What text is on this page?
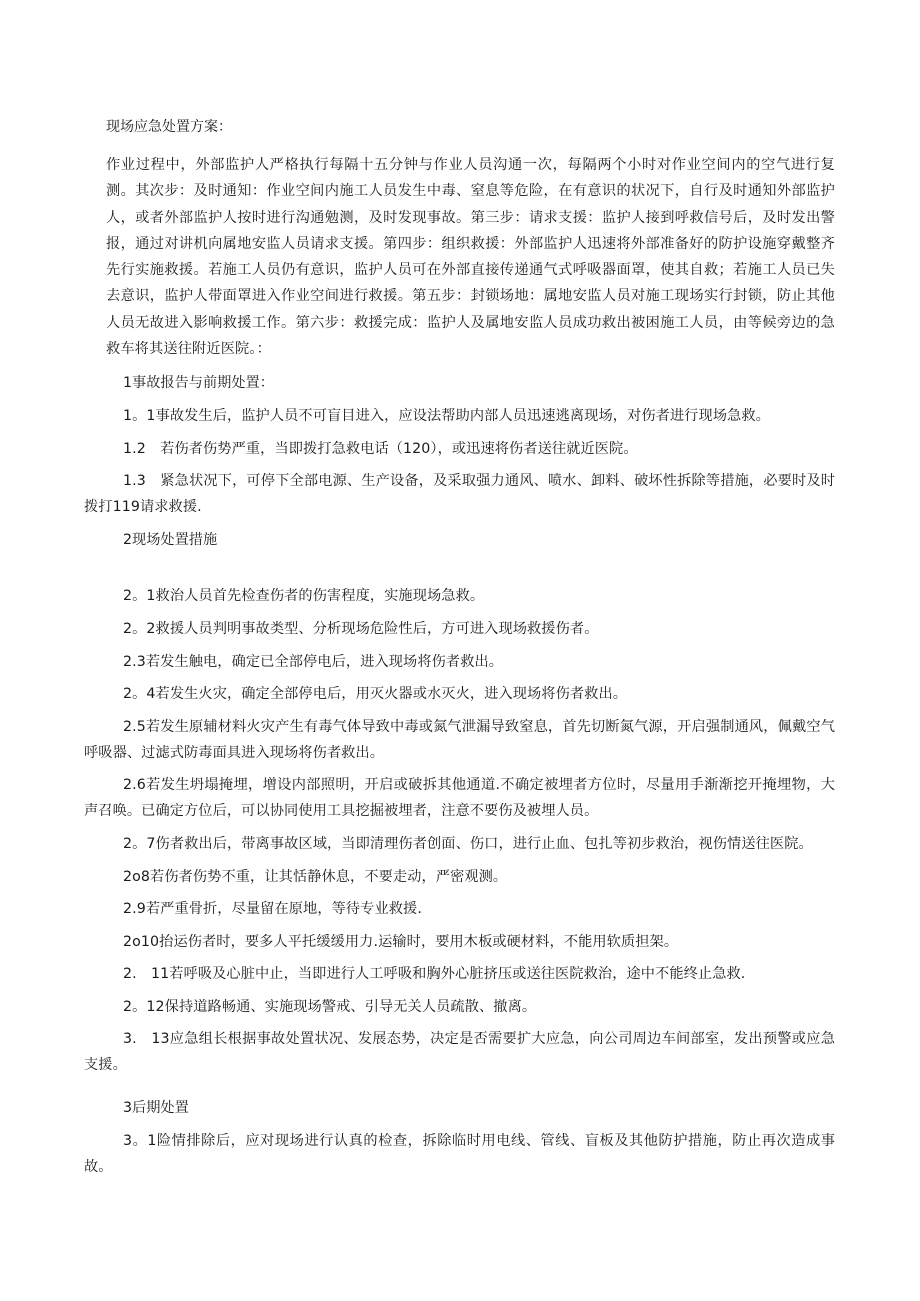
现场应急处置方案：
作业过程中，外部监护人严格执行每隔十五分钟与作业人员沟通一次，每隔两个小时对作业空间内的空气进行复测。其次步：及时通知：作业空间内施工人员发生中毒、窒息等危险，在有意识的状况下，自行及时通知外部监护人，或者外部监护人按时进行沟通勉测，及时发现事故。第三步：请求支援：监护人接到呼救信号后，及时发出警报，通过对讲机向属地安监人员请求支援。第四步：组织救援：外部监护人迅速将外部准备好的防护设施穿戴整齐先行实施救援。若施工人员仍有意识，监护人员可在外部直接传递通气式呼吸器面罩，使其自救；若施工人员已失去意识，监护人带面罩进入作业空间进行救援。第五步：封锁场地：属地安监人员对施工现场实行封锁，防止其他人员无故进入影响救援工作。第六步：救援完成：监护人及属地安监人员成功救出被困施工人员，由等候旁边的急救车将其送往附近医院。：
1事故报告与前期处置：
1。1事故发生后，监护人员不可盲目进入，应设法帮助内部人员迅速逃离现场，对伤者进行现场急救。
1.2　若伤者伤势严重，当即拨打急救电话（120），或迅速将伤者送往就近医院。
1.3　紧急状况下，可停下全部电源、生产设备，及采取强力通风、喷水、卸料、破坏性拆除等措施，必要时及时拨打119请求救援.
2现场处置措施
2。1救治人员首先检查伤者的伤害程度，实施现场急救。
2。2救援人员判明事故类型、分析现场危险性后，方可进入现场救援伤者。
2.3若发生触电，确定已全部停电后，进入现场将伤者救出。
2。4若发生火灾，确定全部停电后，用灭火器或水灭火，进入现场将伤者救出。
2.5若发生原辅材料火灾产生有毒气体导致中毒或氮气泄漏导致窒息，首先切断氮气源，开启强制通风，佩戴空气呼吸器、过滤式防毒面具进入现场将伤者救出。
2.6若发生坍塌掩埋，增设内部照明，开启或破拆其他通道.不确定被埋者方位时，尽量用手渐渐挖开掩埋物，大声召唤。已确定方位后，可以协同使用工具挖掘被埋者，注意不要伤及被埋人员。
2。7伤者救出后，带离事故区域，当即清理伤者创面、伤口，进行止血、包扎等初步救治，视伤情送往医院。
2o8若伤者伤势不重，让其恬静休息，不要走动，严密观测。
2.9若严重骨折，尽量留在原地，等待专业救援.
2o10抬运伤者时，要多人平托缓缓用力.运输时，要用木板或硬材料，不能用软质担架。
2.　11若呼吸及心脏中止，当即进行人工呼吸和胸外心脏挤压或送往医院救治，途中不能终止急救.
2。12保持道路畅通、实施现场警戒、引导无关人员疏散、撤离。
3.　13应急组长根据事故处置状况、发展态势，决定是否需要扩大应急，向公司周边车间部室，发出预警或应急支援。
3后期处置
3。1险情排除后，应对现场进行认真的检查，拆除临时用电线、管线、盲板及其他防护措施，防止再次造成事故。
